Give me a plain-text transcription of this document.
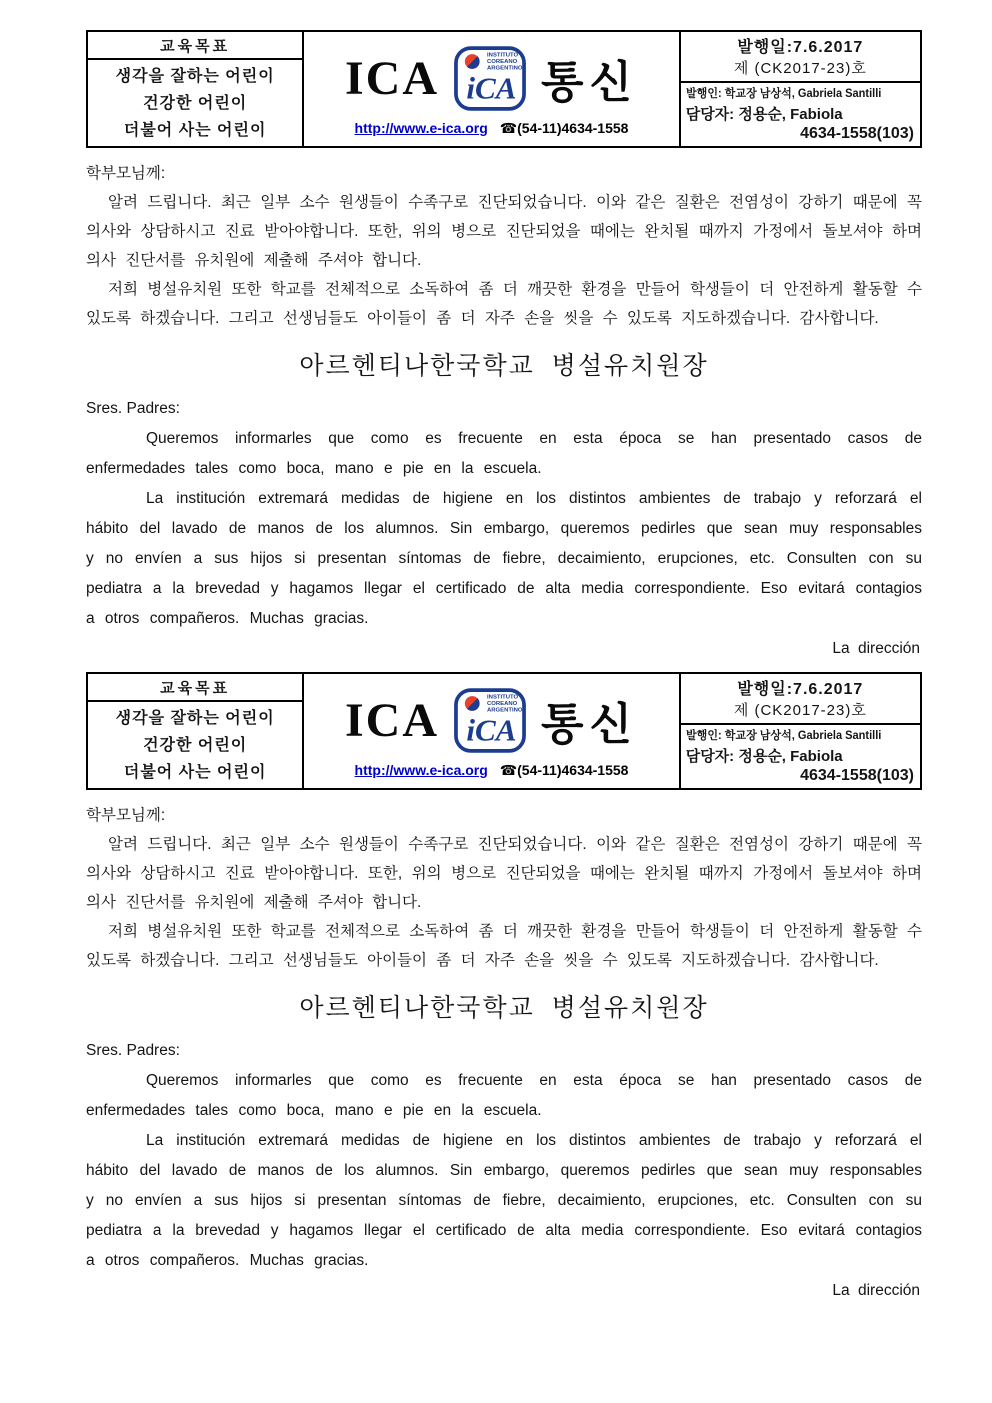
교육목표
생각을 잘하는 어린이
건강한 어린이
더불어 사는 어린이
ICA	INSTITUTO COREANO ARGENTINO
iCA 통신
http://www.e-ica.org ☎(54-11)4634-1558
발행일:7.6.2017
제 (CK2017-23)호
발행인: 학교장 남상석, Gabriela Santilli
담당자: 정용순, Fabiola
4634-1558(103)

학부모님께:

알려 드립니다. 최근 일부 소수 원생들이 수족구로 진단되었습니다. 이와 같은 질환은 전염성이 강하기 때문에 꼭 의사와 상담하시고 진료 받아야합니다. 또한, 위의 병으로 진단되었을 때에는 완치될 때까지 가정에서 돌보셔야 하며 의사 진단서를 유치원에 제출해 주셔야 합니다.

저희 병설유치원 또한 학교를 전체적으로 소독하여 좀 더 깨끗한 환경을 만들어 학생들이 더 안전하게 활동할 수 있도록 하겠습니다. 그리고 선생님들도 아이들이 좀 더 자주 손을 씻을 수 있도록 지도하겠습니다. 감사합니다.

아르헨티나한국학교 병설유치원장

Sres. Padres:

Queremos informarles que como es frecuente en esta época se han presentado casos de enfermedades tales como boca, mano e pie en la escuela.

La institución extremará medidas de higiene en los distintos ambientes de trabajo y reforzará el hábito del lavado de manos de los alumnos. Sin embargo, queremos pedirles que sean muy responsables y no envíen a sus hijos si presentan síntomas de fiebre, decaimiento, erupciones, etc. Consulten con su pediatra a la brevedad y hagamos llegar el certificado de alta media correspondiente. Eso evitará contagios a otros compañeros. Muchas gracias.

La dirección

교육목표
생각을 잘하는 어린이
건강한 어린이
더불어 사는 어린이
ICA	INSTITUTO COREANO ARGENTINO
iCA 통신
http://www.e-ica.org ☎(54-11)4634-1558
발행일:7.6.2017
제 (CK2017-23)호
발행인: 학교장 남상석, Gabriela Santilli
담당자: 정용순, Fabiola
4634-1558(103)

학부모님께:

알려 드립니다. 최근 일부 소수 원생들이 수족구로 진단되었습니다. 이와 같은 질환은 전염성이 강하기 때문에 꼭 의사와 상담하시고 진료 받아야합니다. 또한, 위의 병으로 진단되었을 때에는 완치될 때까지 가정에서 돌보셔야 하며 의사 진단서를 유치원에 제출해 주셔야 합니다.

저희 병설유치원 또한 학교를 전체적으로 소독하여 좀 더 깨끗한 환경을 만들어 학생들이 더 안전하게 활동할 수 있도록 하겠습니다. 그리고 선생님들도 아이들이 좀 더 자주 손을 씻을 수 있도록 지도하겠습니다. 감사합니다.

아르헨티나한국학교 병설유치원장

Sres. Padres:

Queremos informarles que como es frecuente en esta época se han presentado casos de enfermedades tales como boca, mano e pie en la escuela.

La institución extremará medidas de higiene en los distintos ambientes de trabajo y reforzará el hábito del lavado de manos de los alumnos. Sin embargo, queremos pedirles que sean muy responsables y no envíen a sus hijos si presentan síntomas de fiebre, decaimiento, erupciones, etc. Consulten con su pediatra a la brevedad y hagamos llegar el certificado de alta media correspondiente. Eso evitará contagios a otros compañeros. Muchas gracias.

La dirección
